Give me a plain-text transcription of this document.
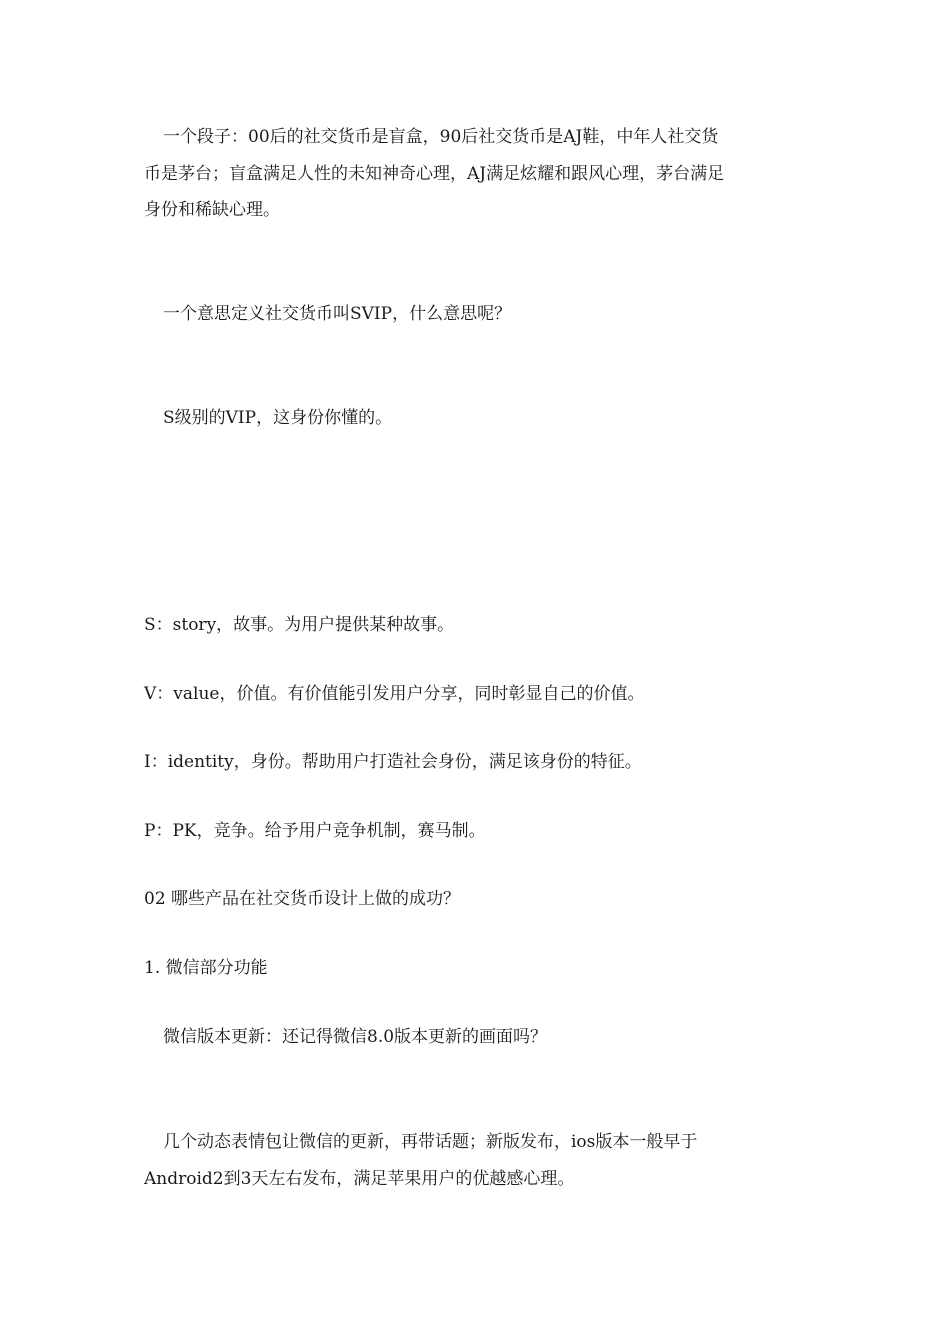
一个段子：00后的社交货币是盲盒，90后社交货币是AJ鞋，中年人社交货
币是茅台；盲盒满足人性的未知神奇心理，AJ满足炫耀和跟风心理，茅台满足
身份和稀缺心理。
一个意思定义社交货币叫SVIP，什么意思呢？
S级别的VIP，这身份你懂的。
S：story，故事。为用户提供某种故事。
V：value，价值。有价值能引发用户分享，同时彰显自己的价值。
I：identity，身份。帮助用户打造社会身份，满足该身份的特征。
P：PK，竞争。给予用户竞争机制，赛马制。
02 哪些产品在社交货币设计上做的成功？
1. 微信部分功能
微信版本更新：还记得微信8.0版本更新的画面吗？
几个动态表情包让微信的更新，再带话题；新版发布，ios版本一般早于
Android2到3天左右发布，满足苹果用户的优越感心理。
